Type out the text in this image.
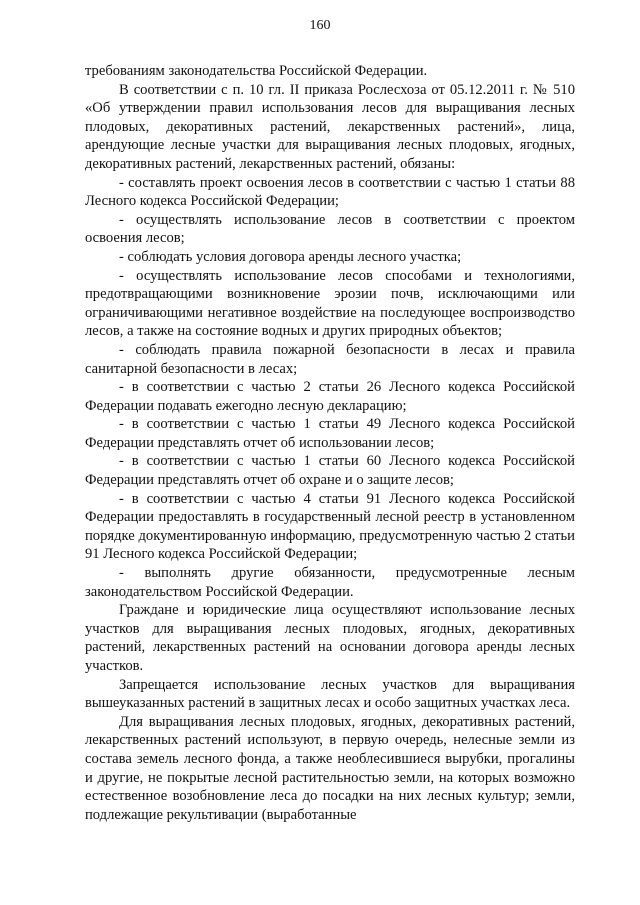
160

требованиям законодательства Российской Федерации.

В соответствии с п. 10 гл. II приказа Рослесхоза от 05.12.2011 г. № 510 «Об утверждении правил использования лесов для выращивания лесных плодовых, декоративных растений, лекарственных растений», лица, арендующие лесные участки для выращивания лесных плодовых, ягодных, декоративных растений, лекарственных растений, обязаны:

- составлять проект освоения лесов в соответствии с частью 1 статьи 88 Лесного кодекса Российской Федерации;

- осуществлять использование лесов в соответствии с проектом освоения лесов;

- соблюдать условия договора аренды лесного участка;

- осуществлять использование лесов способами и технологиями, предотвращающими возникновение эрозии почв, исключающими или ограничивающими негативное воздействие на последующее воспроизводство лесов, а также на состояние водных и других природных объектов;

- соблюдать правила пожарной безопасности в лесах и правила санитарной безопасности в лесах;

- в соответствии с частью 2 статьи 26 Лесного кодекса Российской Федерации подавать ежегодно лесную декларацию;

- в соответствии с частью 1 статьи 49 Лесного кодекса Российской Федерации представлять отчет об использовании лесов;

- в соответствии с частью 1 статьи 60 Лесного кодекса Российской Федерации представлять отчет об охране и о защите лесов;

- в соответствии с частью 4 статьи 91 Лесного кодекса Российской Федерации предоставлять в государственный лесной реестр в установленном порядке документированную информацию, предусмотренную частью 2 статьи 91 Лесного кодекса Российской Федерации;

- выполнять другие обязанности, предусмотренные лесным законодательством Российской Федерации.

Граждане и юридические лица осуществляют использование лесных участков для выращивания лесных плодовых, ягодных, декоративных растений, лекарственных растений на основании договора аренды лесных участков.

Запрещается использование лесных участков для выращивания вышеуказанных растений в защитных лесах и особо защитных участках леса.

Для выращивания лесных плодовых, ягодных, декоративных растений, лекарственных растений используют, в первую очередь, нелесные земли из состава земель лесного фонда, а также необлесившиеся вырубки, прогалины и другие, не покрытые лесной растительностью земли, на которых возможно естественное возобновление леса до посадки на них лесных культур; земли, подлежащие рекультивации (выработанные
